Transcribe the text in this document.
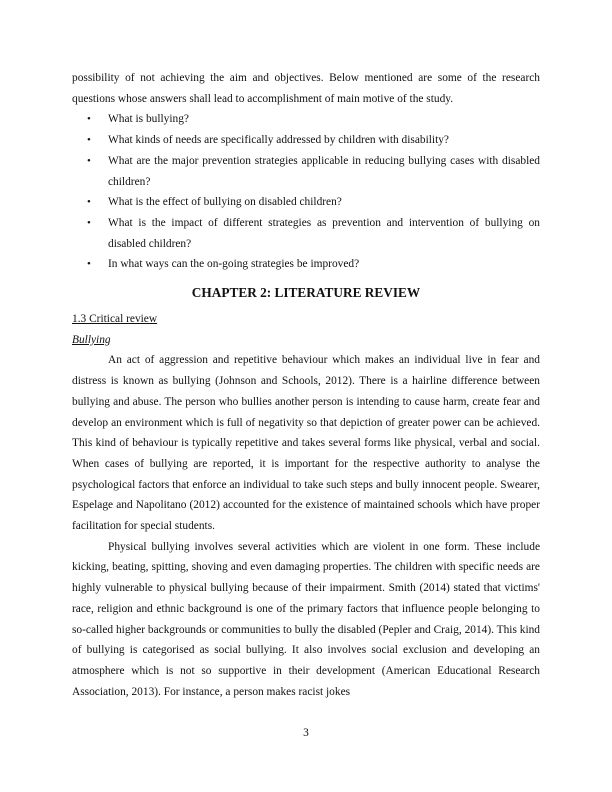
possibility of not achieving the aim and objectives. Below mentioned are some of the research questions whose answers shall lead to accomplishment of main motive of the study.

• What is bullying?
• What kinds of needs are specifically addressed by children with disability?
• What are the major prevention strategies applicable in reducing bullying cases with disabled children?
• What is the effect of bullying on disabled children?
• What is the impact of different strategies as prevention and intervention of bullying on disabled children?
• In what ways can the on-going strategies be improved?
CHAPTER 2: LITERATURE REVIEW

1.3 Critical review

Bullying

An act of aggression and repetitive behaviour which makes an individual live in fear and distress is known as bullying (Johnson and Schools, 2012). There is a hairline difference between bullying and abuse. The person who bullies another person is intending to cause harm, create fear and develop an environment which is full of negativity so that depiction of greater power can be achieved. This kind of behaviour is typically repetitive and takes several forms like physical, verbal and social. When cases of bullying are reported, it is important for the respective authority to analyse the psychological factors that enforce an individual to take such steps and bully innocent people. Swearer, Espelage and Napolitano (2012) accounted for the existence of maintained schools which have proper facilitation for special students.

Physical bullying involves several activities which are violent in one form. These include kicking, beating, spitting, shoving and even damaging properties. The children with specific needs are highly vulnerable to physical bullying because of their impairment. Smith (2014) stated that victims' race, religion and ethnic background is one of the primary factors that influence people belonging to so-called higher backgrounds or communities to bully the disabled (Pepler and Craig, 2014). This kind of bullying is categorised as social bullying. It also involves social exclusion and developing an atmosphere which is not so supportive in their development (American Educational Research Association, 2013). For instance, a person makes racist jokes

3
